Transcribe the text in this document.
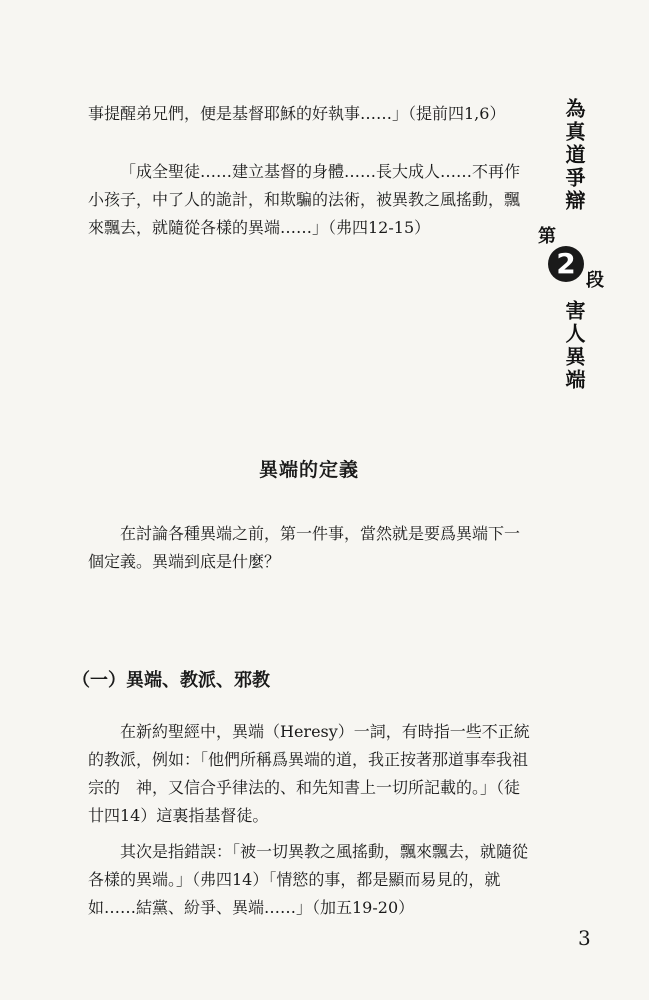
事提醒弟兄們，便是基督耶穌的好執事……」（提前四1,6）

「成全聖徒……建立基督的身體……長大成人……不再作小孩子，中了人的詭計，和欺騙的法術，被異教之風搖動，飄來飄去，就隨從各樣的異端……」（弗四12-15）

異端的定義

在討論各種異端之前，第一件事，當然就是要爲異端下一個定義。異端到底是什麼？

（一）異端、教派、邪教

在新約聖經中，異端（Heresy）一詞，有時指一些不正統的教派，例如：「他們所稱爲異端的道，我正按著那道事奉我祖宗的　神，又信合乎律法的、和先知書上一切所記載的。」（徒廿四14）這裏指基督徒。

其次是指錯誤：「被一切異教之風搖動，飄來飄去，就隨從各樣的異端。」（弗四14）「情慾的事，都是顯而易見的，就如……結黨、紛爭、異端……」（加五19-20）

為真道爭辯
第
2
段
害人異端
3
